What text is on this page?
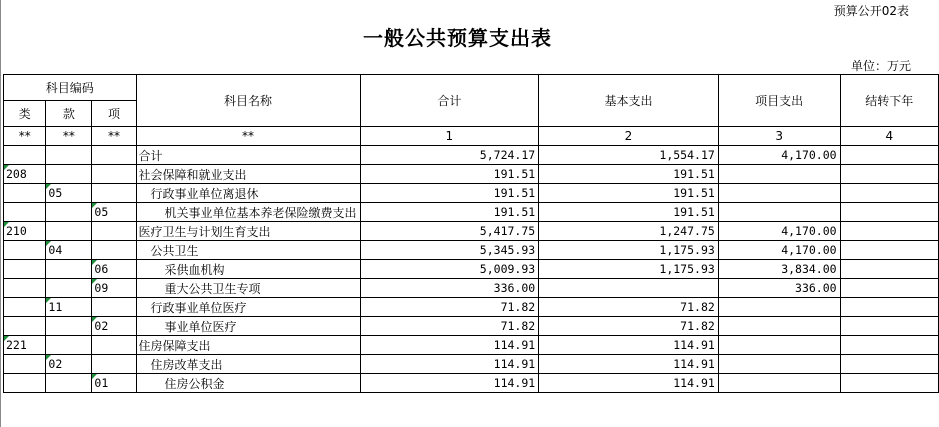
预算公开02表
一般公共预算支出表
单位：万元
科目编码			科目名称	合计	基本支出	项目支出	结转下年
类	款	项					
**	**	**	**	1	2	3	4
			合计	5,724.17	1,554.17	4,170.00	
208			社会保障和就业支出	191.51	191.51		
	05		行政事业单位离退休	191.51	191.51		
		05	机关事业单位基本养老保险缴费支出	191.51	191.51		
210			医疗卫生与计划生育支出	5,417.75	1,247.75	4,170.00	
	04		公共卫生	5,345.93	1,175.93	4,170.00	
		06	采供血机构	5,009.93	1,175.93	3,834.00	
		09	重大公共卫生专项	336.00		336.00	
	11		行政事业单位医疗	71.82	71.82		
		02	事业单位医疗	71.82	71.82		
221			住房保障支出	114.91	114.91		
	02		住房改革支出	114.91	114.91		
		01	住房公积金	114.91	114.91		
